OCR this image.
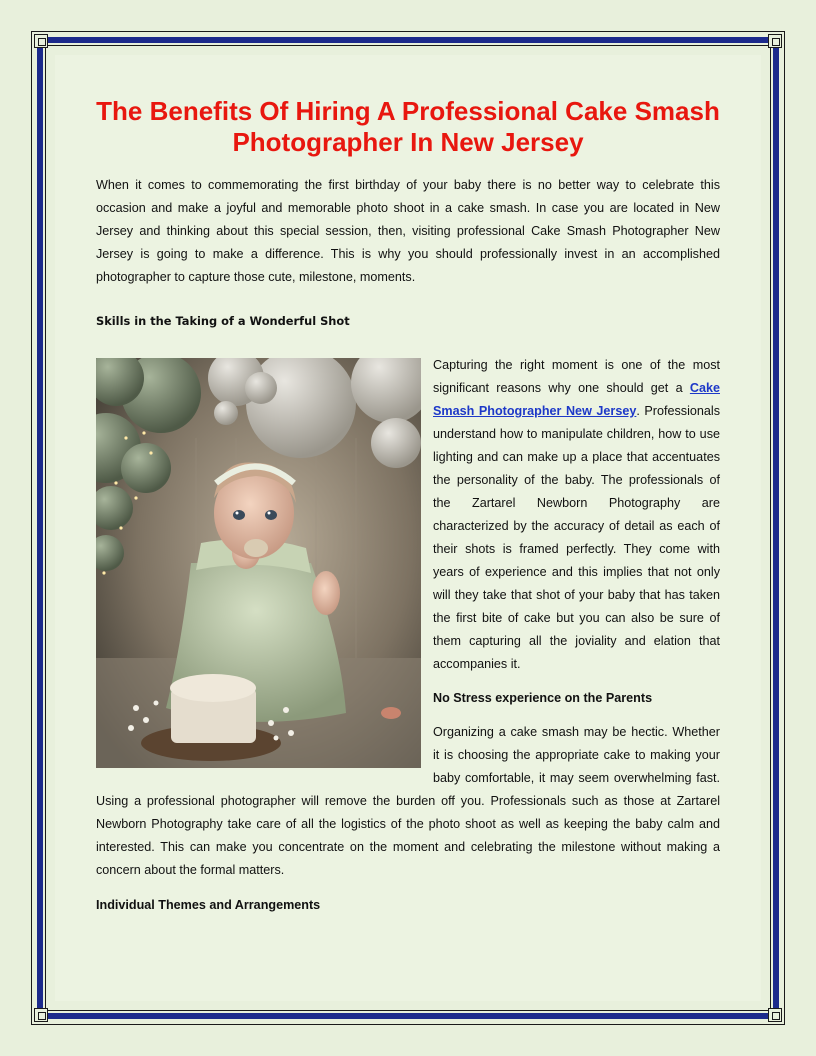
The Benefits Of Hiring A Professional Cake Smash Photographer In New Jersey

When it comes to commemorating the first birthday of your baby there is no better way to celebrate this occasion and make a joyful and memorable photo shoot in a cake smash. In case you are located in New Jersey and thinking about this special session, then, visiting professional Cake Smash Photographer New Jersey is going to make a difference. This is why you should professionally invest in an accomplished photographer to capture those cute, milestone, moments.

Skills in the Taking of a Wonderful Shot

Capturing the right moment is one of the most significant reasons why one should get a Cake Smash Photographer New Jersey. Professionals understand how to manipulate children, how to use lighting and can make up a place that accentuates the personality of the baby. The professionals of the Zartarel Newborn Photography are characterized by the accuracy of detail as each of their shots is framed perfectly. They come with years of experience and this implies that not only will they take that shot of your baby that has taken the first bite of cake but you can also be sure of them capturing all the joviality and elation that accompanies it.

No Stress experience on the Parents

Organizing a cake smash may be hectic. Whether it is choosing the appropriate cake to making your baby comfortable, it may seem overwhelming fast. Using a professional photographer will remove the burden off you. Professionals such as those at Zartarel Newborn Photography take care of all the logistics of the photo shoot as well as keeping the baby calm and interested. This can make you concentrate on the moment and celebrating the milestone without making a concern about the formal matters.

Individual Themes and Arrangements
